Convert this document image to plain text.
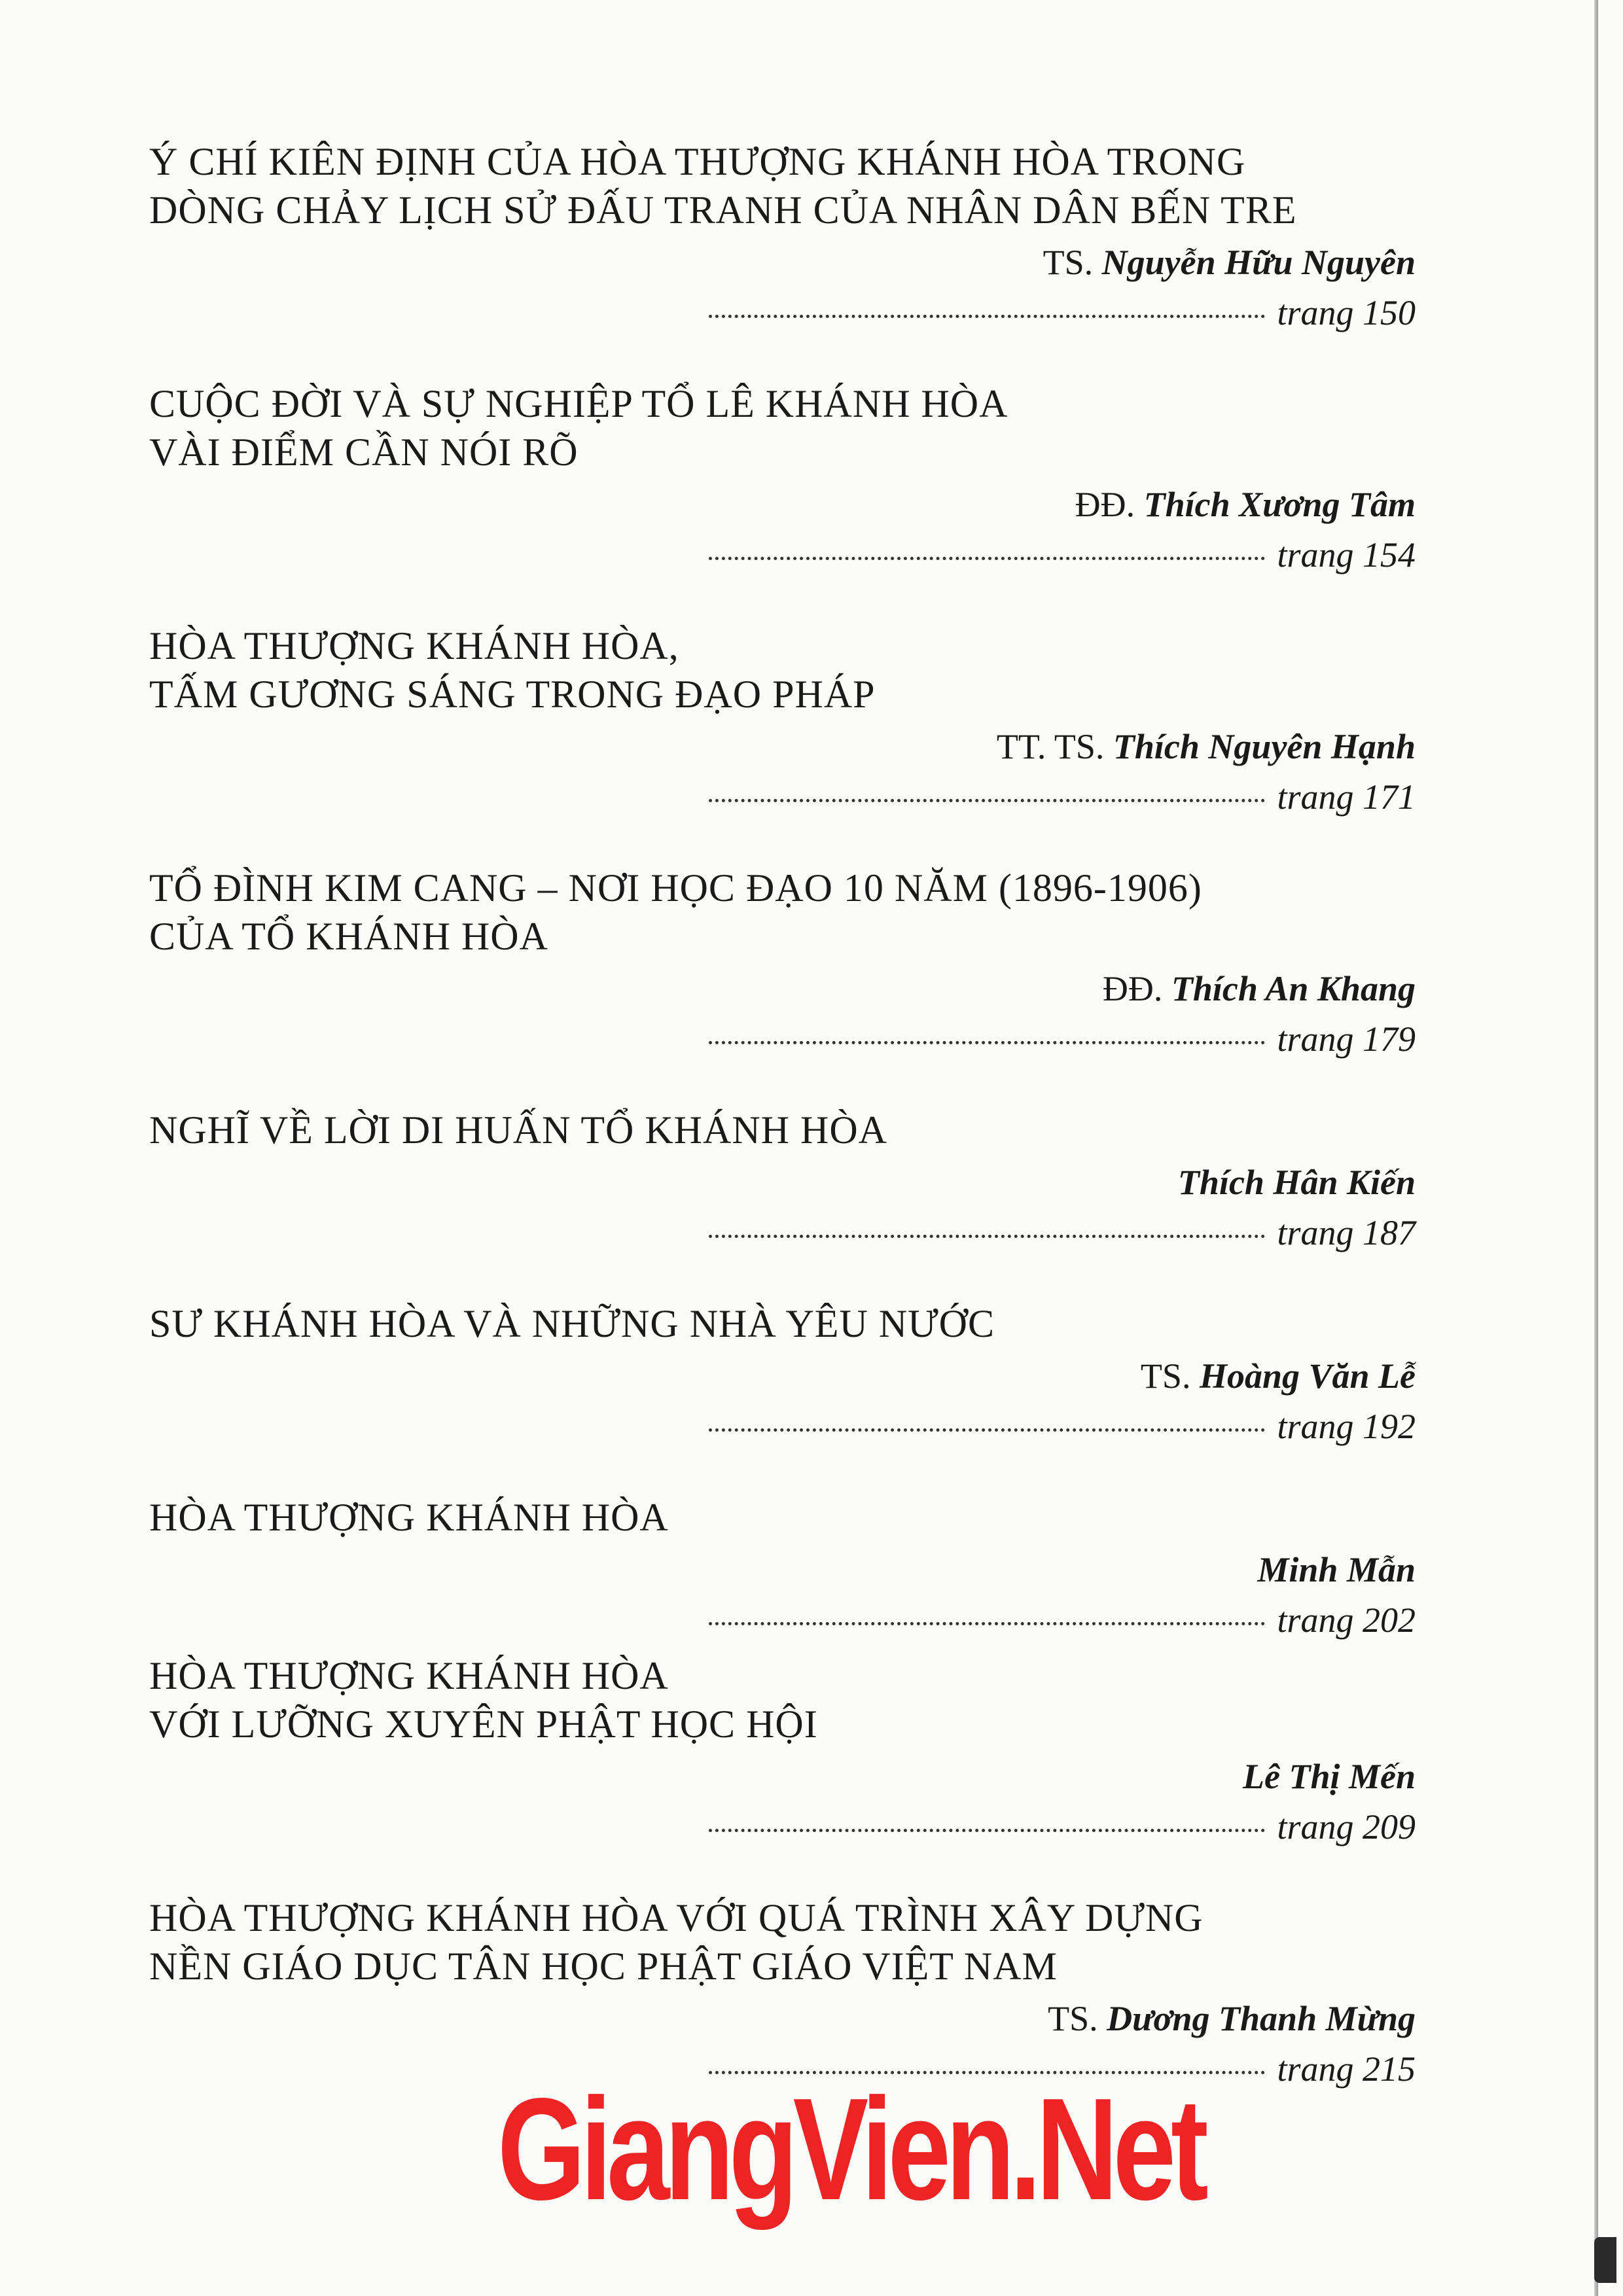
Ý CHÍ KIÊN ĐỊNH CỦA HÒA THƯỢNG KHÁNH HÒA TRONG
DÒNG CHẢY LỊCH SỬ ĐẤU TRANH CỦA NHÂN DÂN BẾN TRE
TS. Nguyễn Hữu Nguyên
trang 150
CUỘC ĐỜI VÀ SỰ NGHIỆP TỔ LÊ KHÁNH HÒA
VÀI ĐIỂM CẦN NÓI RÕ
ĐĐ. Thích Xương Tâm
trang 154
HÒA THƯỢNG KHÁNH HÒA,
TẤM GƯƠNG SÁNG TRONG ĐẠO PHÁP
TT. TS. Thích Nguyên Hạnh
trang 171
TỔ ĐÌNH KIM CANG – NƠI HỌC ĐẠO 10 NĂM (1896-1906)
CỦA TỔ KHÁNH HÒA
ĐĐ. Thích An Khang
trang 179
NGHĨ VỀ LỜI DI HUẤN TỔ KHÁNH HÒA
Thích Hân Kiến
trang 187
SƯ KHÁNH HÒA VÀ NHỮNG NHÀ YÊU NƯỚC
TS. Hoàng Văn Lễ
trang 192
HÒA THƯỢNG KHÁNH HÒA
Minh Mẫn
trang 202
HÒA THƯỢNG KHÁNH HÒA
VỚI LƯỠNG XUYÊN PHẬT HỌC HỘI
Lê Thị Mến
trang 209
HÒA THƯỢNG KHÁNH HÒA VỚI QUÁ TRÌNH XÂY DỰNG
NỀN GIÁO DỤC TÂN HỌC PHẬT GIÁO VIỆT NAM
TS. Dương Thanh Mừng
trang 215
GiangVien.Net
